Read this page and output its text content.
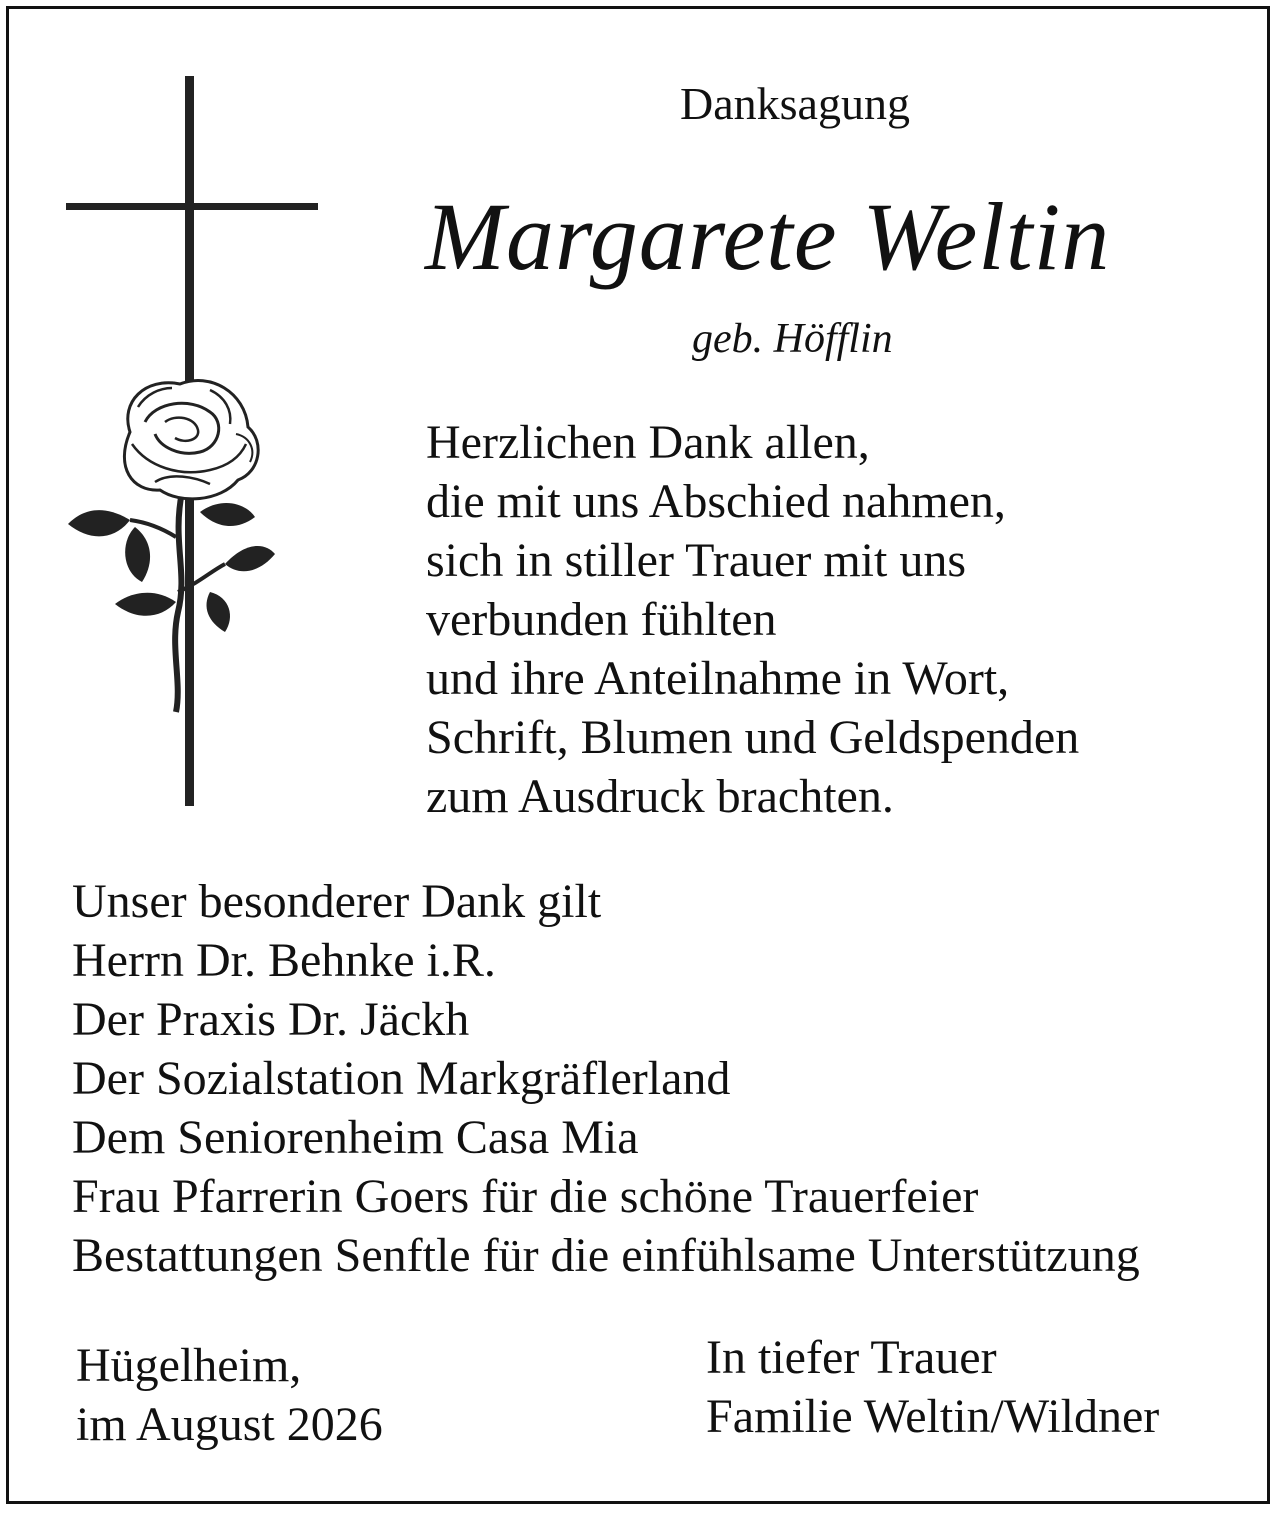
Danksagung
Margarete Weltin
geb. Höfflin
Herzlichen Dank allen,
die mit uns Abschied nahmen,
sich in stiller Trauer mit uns
verbunden fühlten
und ihre Anteilnahme in Wort,
Schrift, Blumen und Geldspenden
zum Ausdruck brachten.
Unser besonderer Dank gilt
Herrn Dr. Behnke i.R.
Der Praxis Dr. Jäckh
Der Sozialstation Markgräflerland
Dem Seniorenheim Casa Mia
Frau Pfarrerin Goers für die schöne Trauerfeier
Bestattungen Senftle für die einfühlsame Unterstützung
Hügelheim,
im August 2026
In tiefer Trauer
Familie Weltin/Wildner
